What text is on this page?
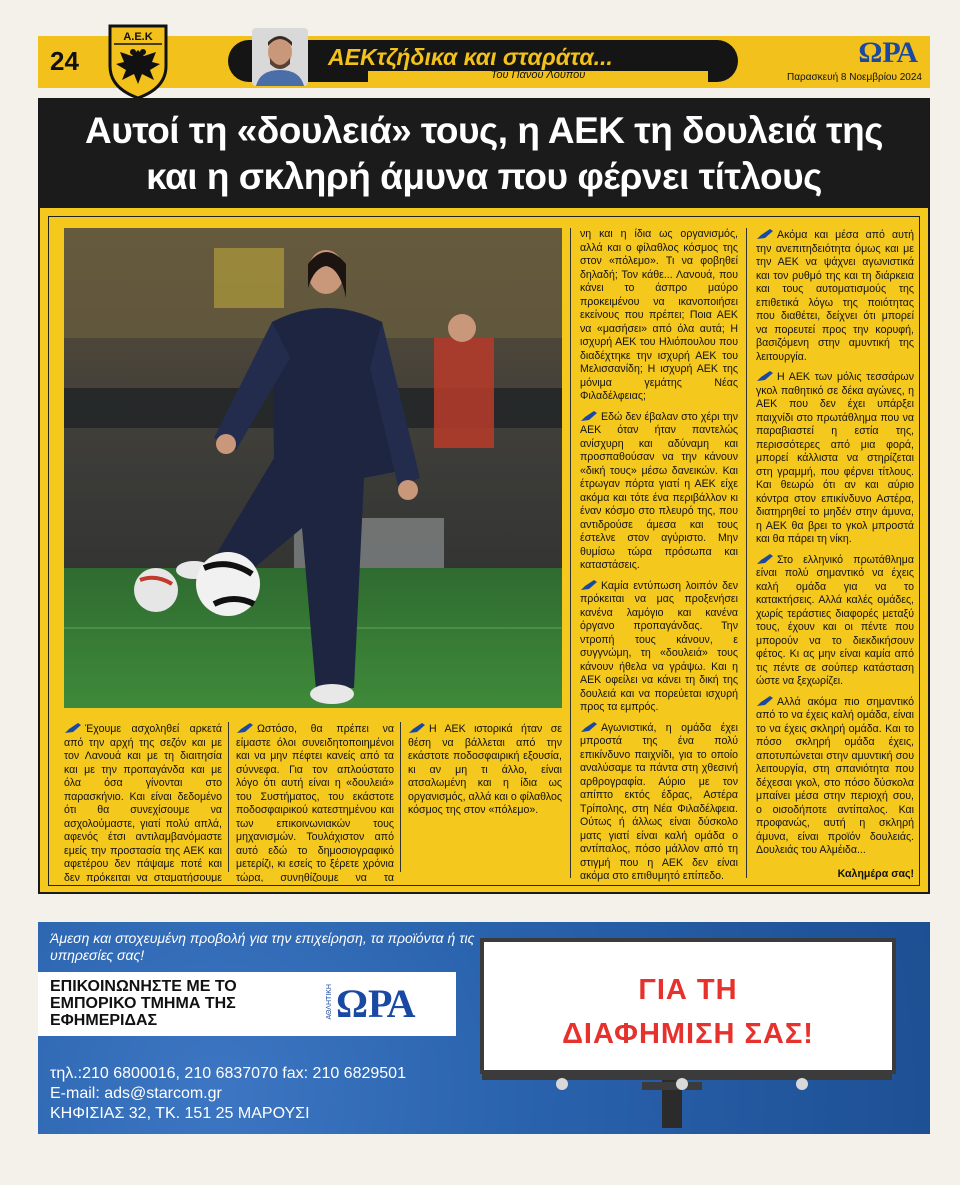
24
Α.Ε.Κ
ΑΕΚτζήδικα και σταράτα...
Του Πάνου Λούπου
ΩΡΑ
Παρασκευή 8 Νοεμβρίου 2024
Αυτοί τη «δουλειά» τους, η ΑΕΚ τη δουλειά της
και η σκληρή άμυνα που φέρνει τίτλους

Έχουμε ασχοληθεί αρκετά από την αρχή της σεζόν και με τον Λανουά και με τη διαιτησία και με την προπαγάνδα και με όλα όσα γίνονται στο παρασκήνιο. Και είναι δεδομένο ότι θα συνεχίσουμε να ασχολούμαστε, γιατί πολύ απλά, αφενός έτσι αντιλαμβανόμαστε εμείς την προστασία της ΑΕΚ και αφετέρου δεν πάψαμε ποτέ και δεν πρόκειται να σταματήσουμε

Ωστόσο, θα πρέπει να είμαστε όλοι συνειδητοποιημένοι και να μην πέφτει κανείς από τα σύννεφα. Για τον απλούστατο λόγο ότι αυτή είναι η «δουλειά» του Συστήματος, του εκάστοτε ποδοσφαιρικού κατεστημένου και των επικοινωνιακών τους μηχανισμών. Τουλάχιστον από αυτό εδώ το δημοσιογραφικό μετερίζι, κι εσείς το ξέρετε χρόνια τώρα, συνηθίζουμε να τα

Η ΑΕΚ ιστορικά ήταν σε θέση να βάλλεται από την εκάστοτε ποδοσφαιρική εξουσία, κι αν μη τι άλλο, είναι ατσαλωμένη και η ίδια ως οργανισμός, αλλά και ο φίλαθλος κόσμος της στον «πόλεμο».

νη και η ίδια ως οργανισμός, αλλά και ο φίλαθλος κόσμος της στον «πόλεμο». Τι να φοβηθεί δηλαδή; Τον κάθε... Λανουά, που κάνει το άσπρο μαύρο προκειμένου να ικανοποιήσει εκείνους που πρέπει; Ποια ΑΕΚ να «μασήσει» από όλα αυτά; Η ισχυρή ΑΕΚ του Ηλιόπουλου που διαδέχτηκε την ισχυρή ΑΕΚ του Μελισσανίδη; Η ισχυρή ΑΕΚ της μόνιμα γεμάτης Νέας Φιλαδέλφειας;

Εδώ δεν έβαλαν στο χέρι την ΑΕΚ όταν ήταν παντελώς ανίσχυρη και αδύναμη και προσπαθούσαν να την κάνουν «δική τους» μέσω δανεικών. Και έτρωγαν πόρτα γιατί η ΑΕΚ είχε ακόμα και τότε ένα περιβάλλον κι έναν κόσμο στο πλευρό της, που αντιδρούσε άμεσα και τους έστελνε στον αγύριστο. Μην θυμίσω τώρα πρόσωπα και καταστάσεις.

Καμία εντύπωση λοιπόν δεν πρόκειται να μας προξενήσει κανένα λαμόγιο και κανένα όργανο προπαγάνδας. Την ντροπή τους κάνουν, ε συγγνώμη, τη «δουλειά» τους κάνουν ήθελα να γράψω. Και η ΑΕΚ οφείλει να κάνει τη δική της δουλειά και να πορεύεται ισχυρή προς τα εμπρός.

Αγωνιστικά, η ομάδα έχει μπροστά της ένα πολύ επικίνδυνο παιχνίδι, για το οποίο αναλύσαμε τα πάντα στη χθεσινή αρθρογραφία. Αύριο με τον απίπτο εκτός έδρας, Αστέρα Τρίπολης, στη Νέα Φιλαδέλφεια. Ούτως ή άλλως είναι δύσκολο ματς γιατί είναι καλή ομάδα ο αντίπαλος, πόσο μάλλον από τη στιγμή που η ΑΕΚ δεν είναι ακόμα στο επιθυμητό επίπεδο.

Ακόμα και μέσα από αυτή την ανεπιτηδειότητα όμως και με την ΑΕΚ να ψάχνει αγωνιστικά και τον ρυθμό της και τη διάρκεια και τους αυτοματισμούς της επιθετικά λόγω της ποιότητας που διαθέτει, δείχνει ότι μπορεί να πορευτεί προς την κορυφή, βασιζόμενη στην αμυντική της λειτουργία.

Η ΑΕΚ των μόλις τεσσάρων γκολ παθητικό σε δέκα αγώνες, η ΑΕΚ που δεν έχει υπάρξει παιχνίδι στο πρωτάθλημα που να παραβιαστεί η εστία της, περισσότερες από μια φορά, μπορεί κάλλιστα να στηρίζεται στη γραμμή, που φέρνει τίτλους. Και θεωρώ ότι αν και αύριο κόντρα στον επικίνδυνο Αστέρα, διατηρηθεί το μηδέν στην άμυνα, η ΑΕΚ θα βρει το γκολ μπροστά και θα πάρει τη νίκη.

Στο ελληνικό πρωτάθλημα είναι πολύ σημαντικό να έχεις καλή ομάδα για να το κατακτήσεις. Αλλά καλές ομάδες, χωρίς τεράστιες διαφορές μεταξύ τους, έχουν και οι πέντε που μπορούν να το διεκδικήσουν φέτος. Κι ας μην είναι καμία από τις πέντε σε σούπερ κατάσταση ώστε να ξεχωρίζει.

Αλλά ακόμα πιο σημαντικό από το να έχεις καλή ομάδα, είναι το να έχεις σκληρή ομάδα. Και το πόσο σκληρή ομάδα έχεις, αποτυπώνεται στην αμυντική σου λειτουργία, στη σπανιότητα που δέχεσαι γκολ, στο πόσο δύσκολα μπαίνει μέσα στην περιοχή σου, ο οισοδήποτε αντίπαλος. Και προφανώς, αυτή η σκληρή άμυνα, είναι προϊόν δουλειάς. Δουλειάς του Αλμέιδα...

Καλημέρα σας!
Άμεση και στοχευμένη προβολή για την επιχείρηση, τα προϊόντα ή τις υπηρεσίες σας!
ΕΠΙΚΟΙΝΩΝΗΣΤΕ ΜΕ ΤΟ ΕΜΠΟΡΙΚΟ ΤΜΗΜΑ ΤΗΣ ΕΦΗΜΕΡΙΔΑΣ
ΑΘΛΗΤΙΚΗ ΩΡΑ
τηλ.:210 6800016, 210 6837070 fax: 210 6829501
E-mail: ads@starcom.gr
ΚΗΦΙΣΙΑΣ 32, ΤΚ. 151 25 ΜΑΡΟΥΣΙ
ΓΙΑ ΤΗ
ΔΙΑΦΗΜΙΣΗ ΣΑΣ!
